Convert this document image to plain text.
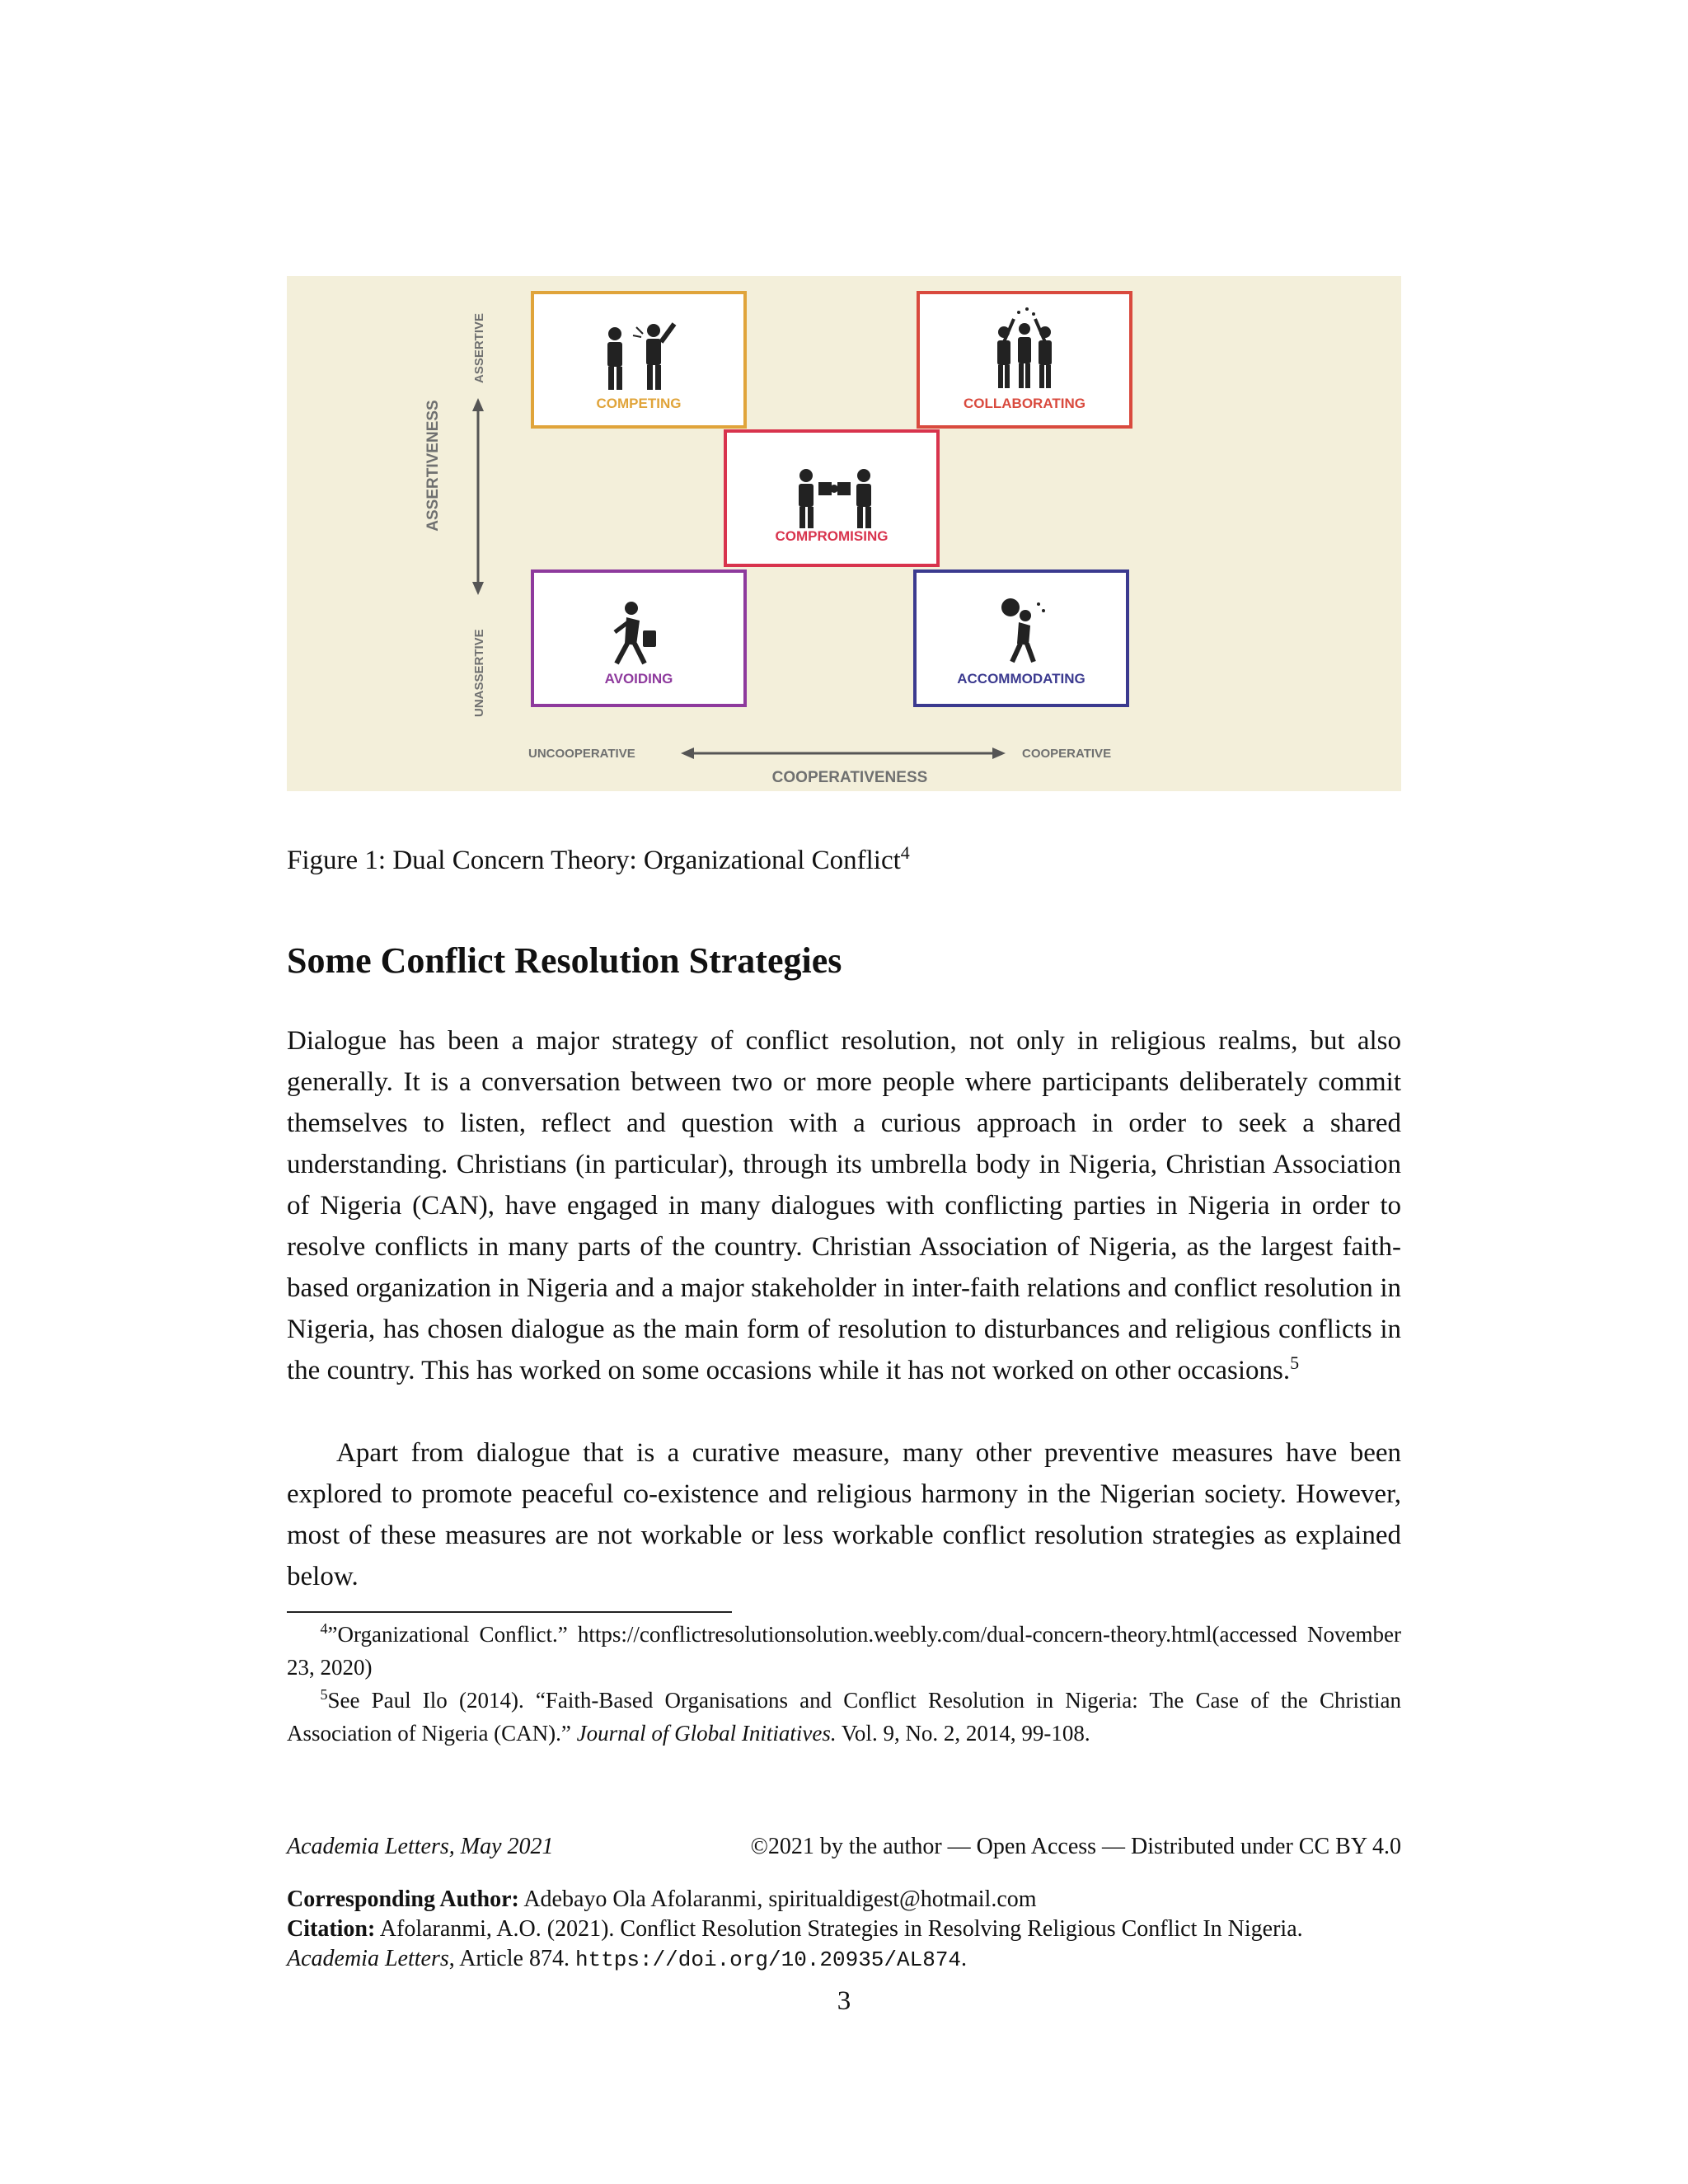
ASSERTIVE
ASSERTIVENESS
UNASSERTIVE
UNCOOPERATIVE	COOPERATIVE
COOPERATIVENESS
COMPETING	COLLABORATING
COMPROMISING
AVOIDING	ACCOMMODATING
Figure 1: Dual Concern Theory: Organizational Conflict$^4$
Some Conflict Resolution Strategies
Dialogue has been a major strategy of conflict resolution, not only in religious realms, but also generally. It is a conversation between two or more people where participants deliberately commit themselves to listen, reflect and question with a curious approach in order to seek a shared understanding. Christians (in particular), through its umbrella body in Nigeria, Christian Association of Nigeria (CAN), have engaged in many dialogues with conflicting parties in Nigeria in order to resolve conflicts in many parts of the country. Christian Association of Nigeria, as the largest faith-based organization in Nigeria and a major stakeholder in inter-faith relations and conflict resolution in Nigeria, has chosen dialogue as the main form of resolution to disturbances and religious conflicts in the country. This has worked on some occasions while it has not worked on other occasions.$^5$
Apart from dialogue that is a curative measure, many other preventive measures have been explored to promote peaceful co-existence and religious harmony in the Nigerian society. However, most of these measures are not workable or less workable conflict resolution strategies as explained below.
  $^4$”Organizational Conflict.” https://conflictresolutionsolution.weebly.com/dual-concern-theory.html(accessed November 23, 2020)
  $^5$See Paul Ilo (2014). “Faith-Based Organisations and Conflict Resolution in Nigeria: The Case of the Christian Association of Nigeria (CAN).” Journal of Global Initiatives. Vol. 9, No. 2, 2014, 99-108.
Academia Letters, May 2021	©2021 by the author — Open Access — Distributed under CC BY 4.0
Corresponding Author: Adebayo Ola Afolaranmi, spiritualdigest@hotmail.com
Citation: Afolaranmi, A.O. (2021). Conflict Resolution Strategies in Resolving Religious Conflict In Nigeria.
Academia Letters, Article 874. https://doi.org/10.20935/AL874.
3
